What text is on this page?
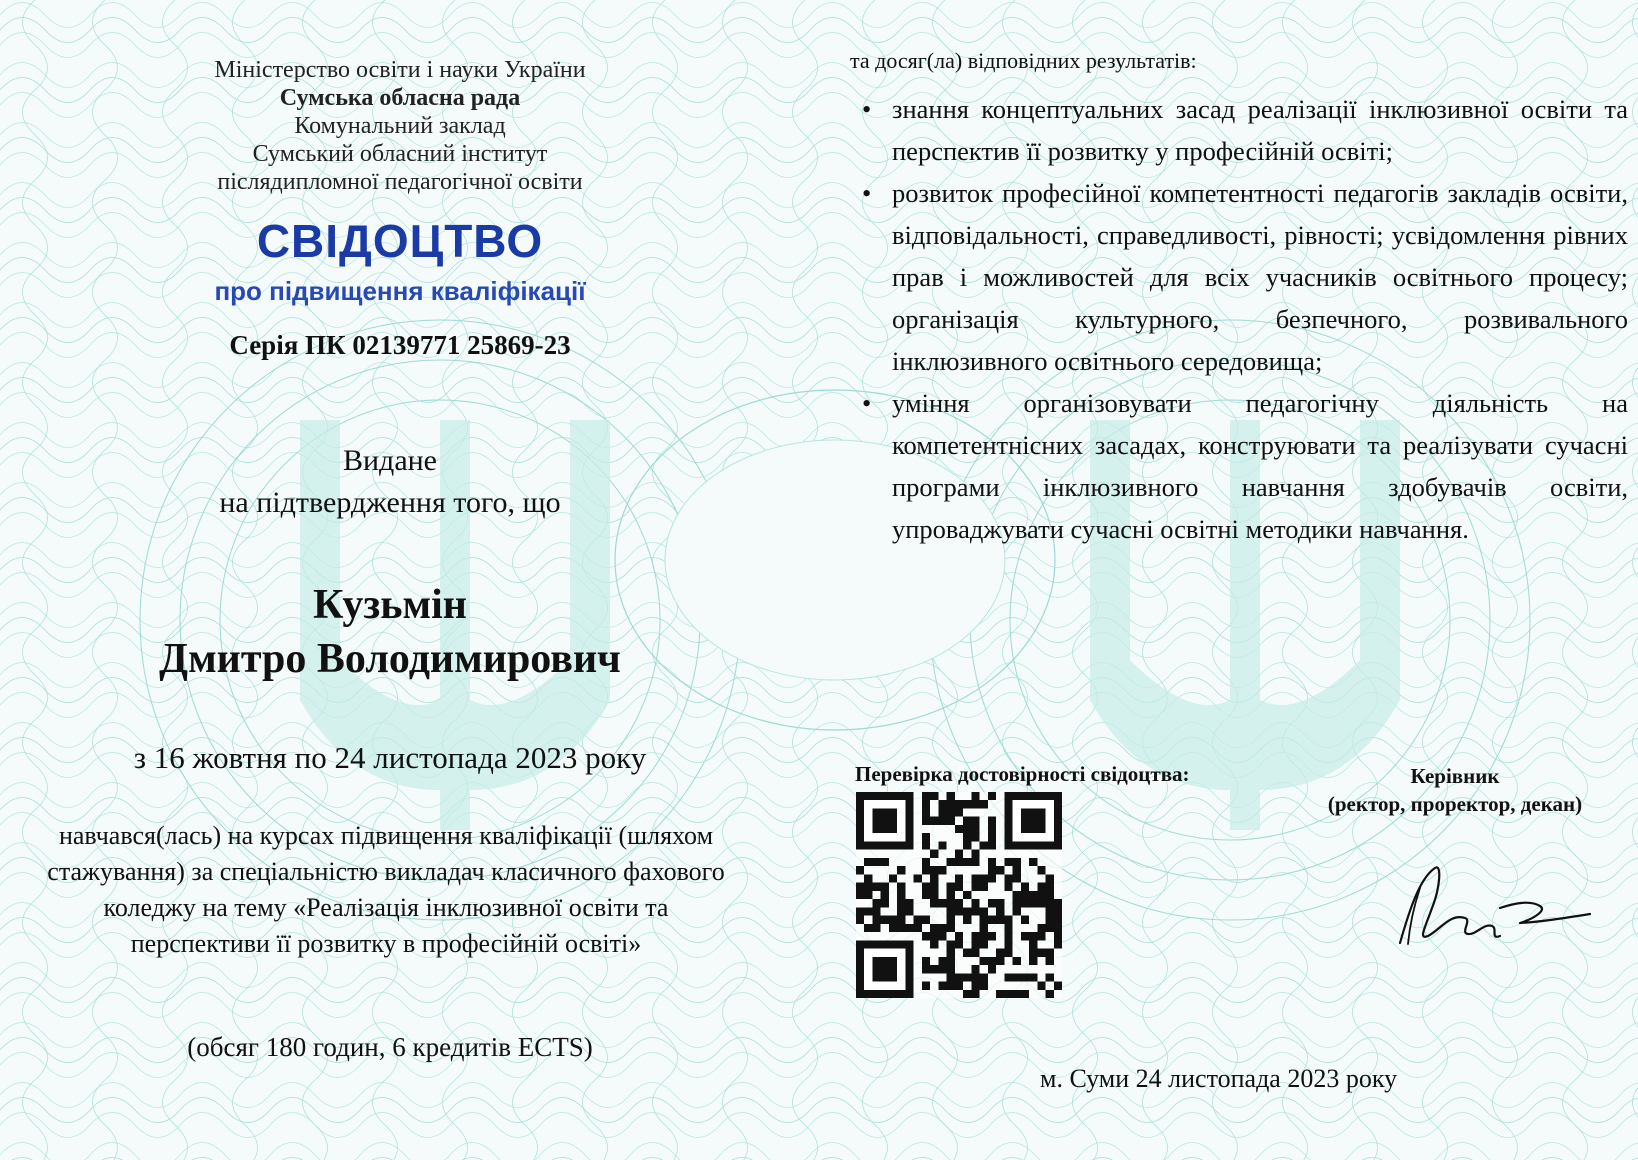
Міністерство освіти і науки України
Сумська обласна рада
Комунальний заклад
Сумський обласний інститут
післядипломної педагогічної освіти
СВІДОЦТВО
про підвищення кваліфікації
Серія ПК 02139771 25869-23
Видане
на підтвердження того, що
Кузьмін
Дмитро Володимирович
з 16 жовтня по 24 листопада 2023 року
навчався(лась) на курсах підвищення кваліфікації (шляхом стажування) за спеціальністю викладач класичного фахового коледжу на тему «Реалізація інклюзивної освіти та перспективи її розвитку в професійній освіті»
(обсяг 180 годин, 6 кредитів ECTS)
та досяг(ла) відповідних результатів:
• знання концептуальних засад реалізації інклюзивної освіти та перспектив її розвитку у професійній освіті;
• розвиток професійної компетентності педагогів закладів освіти, відповідальності, справедливості, рівності; усвідомлення рівних прав і можливостей для всіх учасників освітнього процесу; організація культурного, безпечного, розвивального інклюзивного освітнього середовища;
• уміння організовувати педагогічну діяльність на компетентнісних засадах, конструювати та реалізувати сучасні програми інклюзивного навчання здобувачів освіти, упроваджувати сучасні освітні методики навчання.
Перевірка достовірності свідоцтва:	Керівник
(ректор, проректор, декан)
м. Суми 24 листопада 2023 року
